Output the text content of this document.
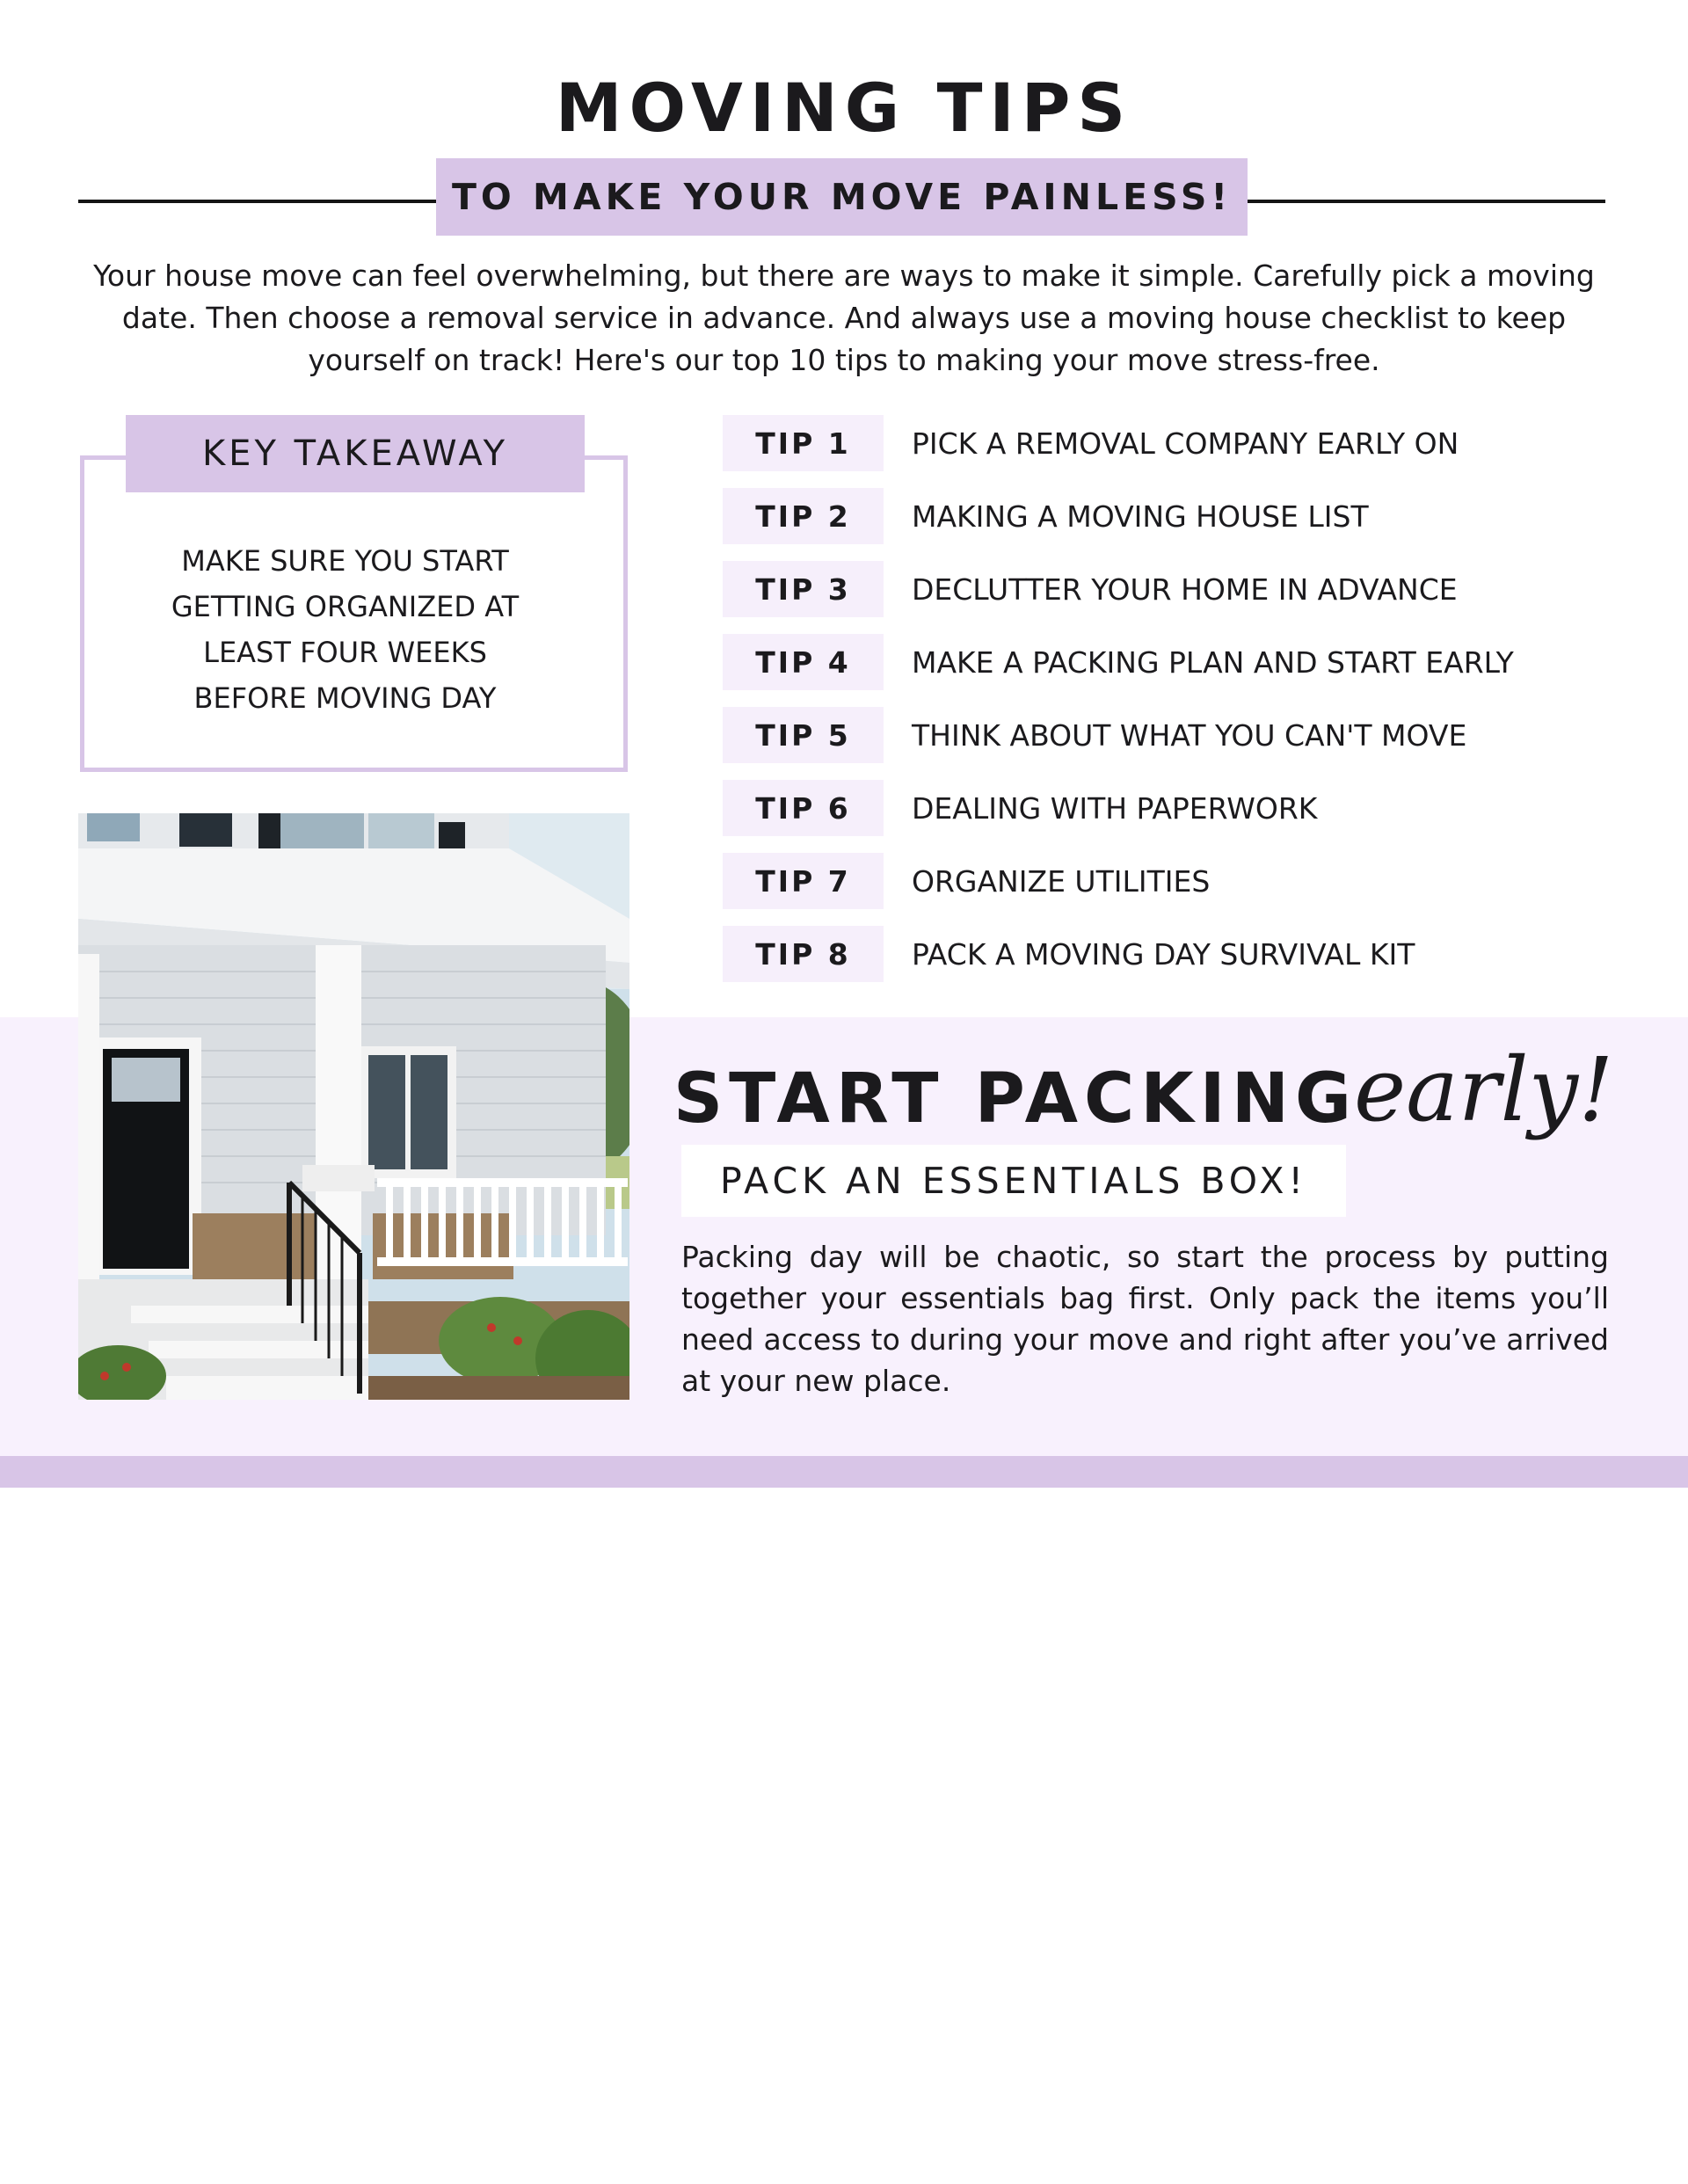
MOVING TIPS
TO MAKE YOUR MOVE PAINLESS!
Your house move can feel overwhelming, but there are ways to make it simple. Carefully pick a moving date. Then choose a removal service in advance. And always use a moving house checklist to keep yourself on track! Here's our top 10 tips to making your move stress-free.
KEY TAKEAWAY
MAKE SURE YOU START
GETTING ORGANIZED AT
LEAST FOUR WEEKS
BEFORE MOVING DAY
TIP 1	PICK A REMOVAL COMPANY EARLY ON
TIP 2	MAKING A MOVING HOUSE LIST
TIP 3	DECLUTTER YOUR HOME IN ADVANCE
TIP 4	MAKE A PACKING PLAN AND START EARLY
TIP 5	THINK ABOUT WHAT YOU CAN'T MOVE
TIP 6	DEALING WITH PAPERWORK
TIP 7	ORGANIZE UTILITIES
TIP 8	PACK A MOVING DAY SURVIVAL KIT
START PACKING
early!
PACK AN ESSENTIALS BOX!
Packing day will be chaotic, so start the process by putting together your essentials bag first. Only pack the items you’ll need access to during your move and right after you’ve arrived at your new place.
